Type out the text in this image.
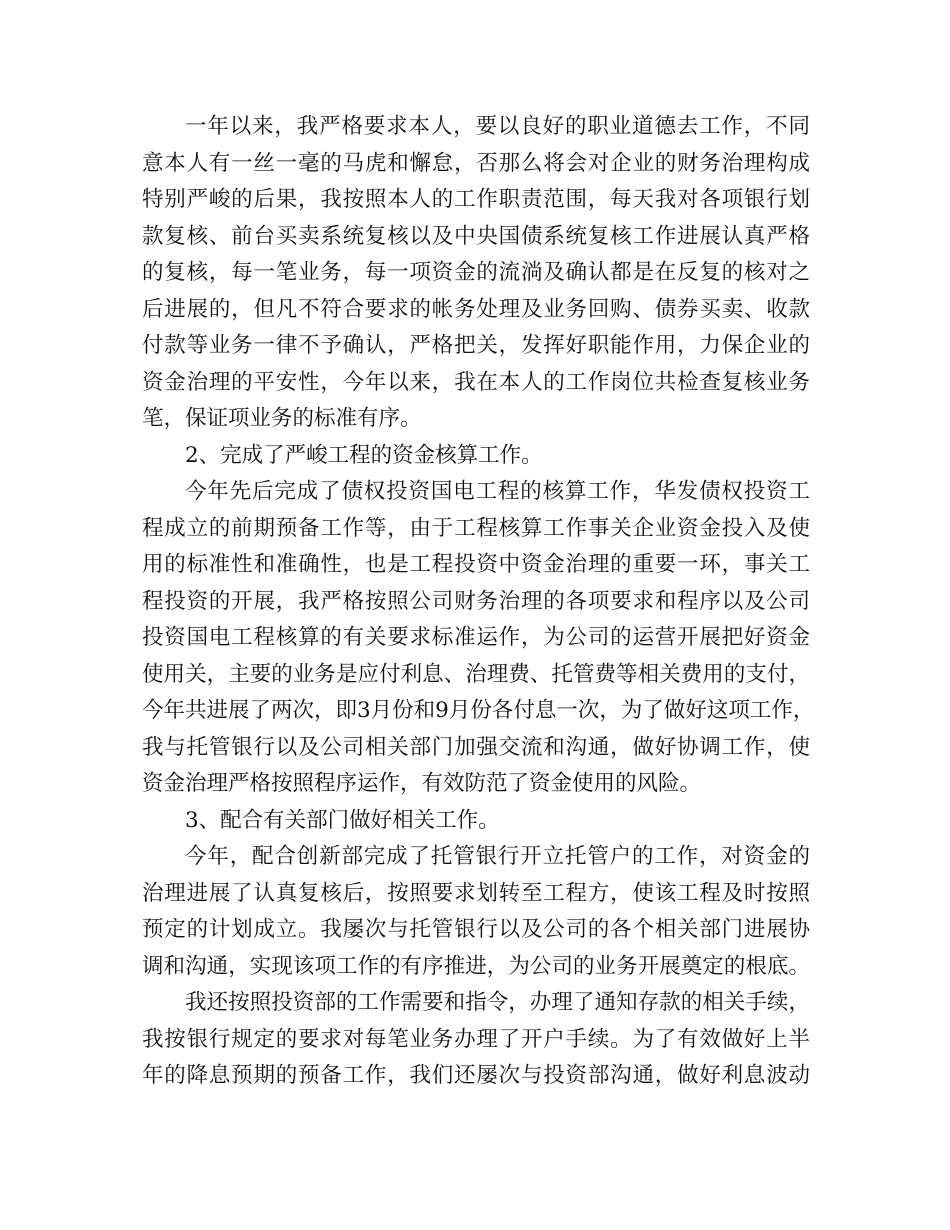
一年以来，我严格要求本人，要以良好的职业道德去工作，不同
意本人有一丝一毫的马虎和懈怠，否那么将会对企业的财务治理构成
特别严峻的后果，我按照本人的工作职责范围，每天我对各项银行划
款复核、前台买卖系统复核以及中央国债系统复核工作进展认真严格
的复核，每一笔业务，每一项资金的流淌及确认都是在反复的核对之
后进展的，但凡不符合要求的帐务处理及业务回购、债券买卖、收款
付款等业务一律不予确认，严格把关，发挥好职能作用，力保企业的
资金治理的平安性，今年以来，我在本人的工作岗位共检查复核业务
笔，保证项业务的标准有序。
2、完成了严峻工程的资金核算工作。
今年先后完成了债权投资国电工程的核算工作，华发债权投资工
程成立的前期预备工作等，由于工程核算工作事关企业资金投入及使
用的标准性和准确性，也是工程投资中资金治理的重要一环，事关工
程投资的开展，我严格按照公司财务治理的各项要求和程序以及公司
投资国电工程核算的有关要求标准运作，为公司的运营开展把好资金
使用关，主要的业务是应付利息、治理费、托管费等相关费用的支付，
今年共进展了两次，即3月份和9月份各付息一次，为了做好这项工作，
我与托管银行以及公司相关部门加强交流和沟通，做好协调工作，使
资金治理严格按照程序运作，有效防范了资金使用的风险。
3、配合有关部门做好相关工作。
今年，配合创新部完成了托管银行开立托管户的工作，对资金的
治理进展了认真复核后，按照要求划转至工程方，使该工程及时按照
预定的计划成立。我屡次与托管银行以及公司的各个相关部门进展协
调和沟通，实现该项工作的有序推进，为公司的业务开展奠定的根底。
我还按照投资部的工作需要和指令，办理了通知存款的相关手续，
我按银行规定的要求对每笔业务办理了开户手续。为了有效做好上半
年的降息预期的预备工作，我们还屡次与投资部沟通，做好利息波动
